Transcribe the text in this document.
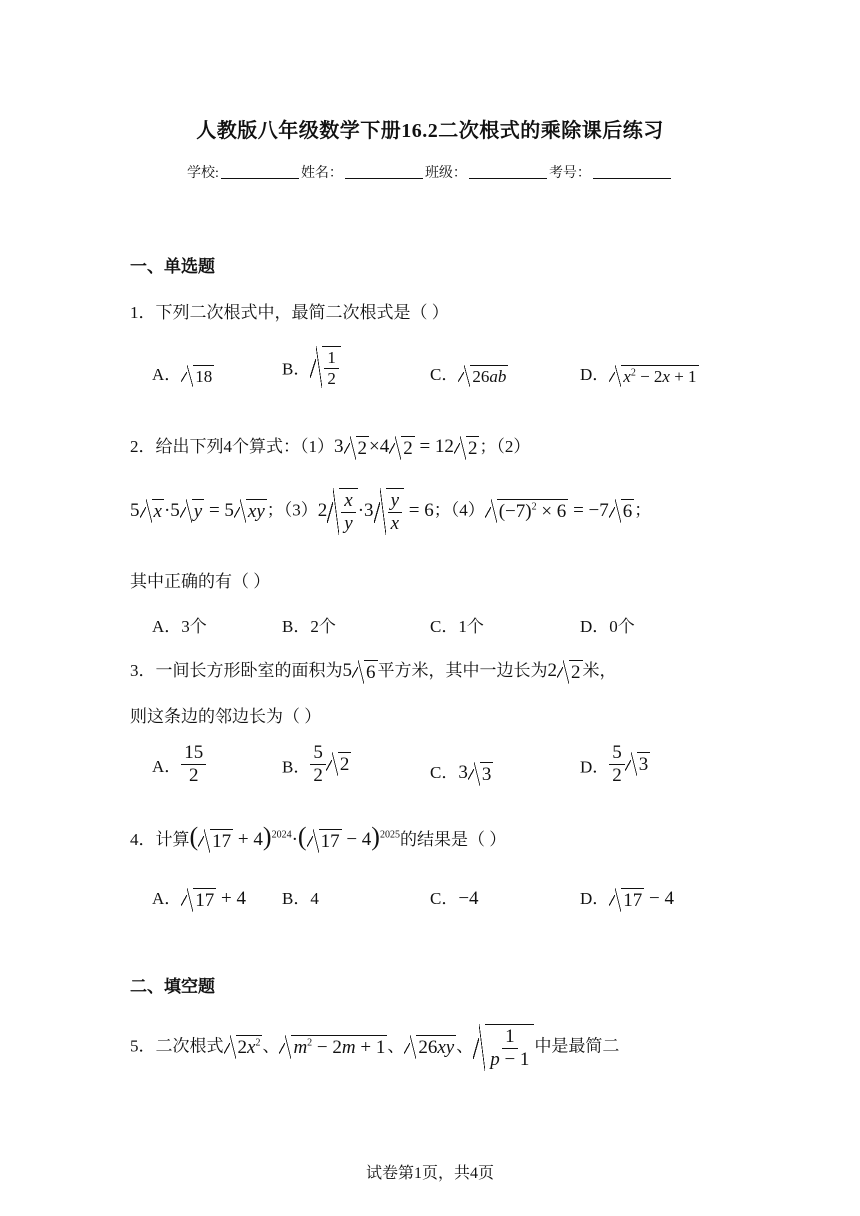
人教版八年级数学下册16.2二次根式的乘除课后练习
学校:	姓名：	班级：	考号：
一、单选题
1．下列二次根式中，最简二次根式是（ ）
A． 18	B． $\frac{1}{2}$	C． 26ab	D． $x^2 - 2x + 1$
2．给出下列4个算式：（1）3 2 ×4 2 = 12 2 ；（2）
5 x ·5 y = 5 xy ；$(3)2 \frac{x}{y} \cdot 3 \frac{y}{x} = 6$；（4） $(-7)^2 \times 6 = -7$ 6 ；
其中正确的有（ ）
A．3个	B．2个	C．1个	D．0个
3．一间长方形卧室的面积为5 6 平方米，其中一边长为2 2 米，
则这条边的邻边长为（ ）
A． $\frac{15}{2}$	B． $\frac{5}{2} 2$	C．3 3	D． $\frac{5}{2} 3$
4．计算( 17 + 4)$^{2024}$·( 17 − 4)$^{2025}$的结果是（ ）
A． 17 + 4 B．4	C．−4	D． 17 − 4
二、填空题
5．二次根式 $2x^2$ 、 $m^2 - 2m + 1$ 、 26xy 、 $\frac{1}{p - 1}$ 中是最简二
试卷第1页，共4页
